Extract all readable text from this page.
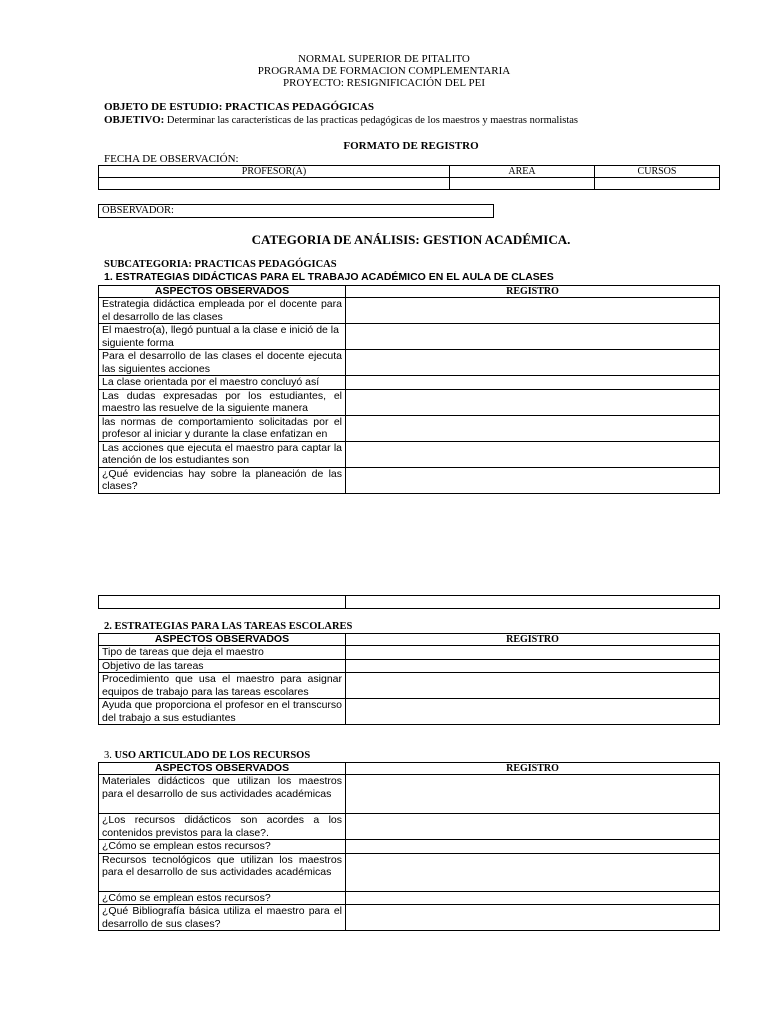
NORMAL SUPERIOR DE PITALITO
PROGRAMA DE FORMACION COMPLEMENTARIA
PROYECTO: RESIGNIFICACIÓN DEL PEI
OBJETO DE ESTUDIO: PRACTICAS PEDAGÓGICAS
OBJETIVO: Determinar las características de las practicas pedagógicas de los maestros y maestras normalistas
FORMATO DE REGISTRO
FECHA DE OBSERVACIÓN:
PROFESOR(A)	AREA	CURSOS

OBSERVADOR:
CATEGORIA DE ANÁLISIS: GESTION ACADÉMICA.
SUBCATEGORIA: PRACTICAS PEDAGÓGICAS
1. ESTRATEGIAS DIDÁCTICAS PARA EL TRABAJO ACADÉMICO EN EL AULA DE CLASES
ASPECTOS OBSERVADOS	REGISTRO
Estrategia didáctica empleada por el docente para el desarrollo de las clases	
El maestro(a), llegó puntual a la clase e inició de la siguiente forma	
Para el desarrollo de las clases el docente ejecuta las siguientes acciones	
La clase orientada por el maestro concluyó así	
Las dudas expresadas por los estudiantes, el maestro las resuelve de la siguiente manera	
las normas de comportamiento solicitadas por el profesor al iniciar y durante la clase enfatizan en	
Las acciones que ejecuta el maestro para captar la atención de los estudiantes son	
¿Qué evidencias hay sobre la planeación de las clases?	

2. ESTRATEGIAS PARA LAS TAREAS ESCOLARES
ASPECTOS OBSERVADOS	REGISTRO
Tipo de tareas que deja el maestro	
Objetivo de las tareas	
Procedimiento que usa el maestro para asignar equipos de trabajo para las tareas escolares	
Ayuda que proporciona el profesor en el transcurso del trabajo a sus estudiantes	
3. USO ARTICULADO DE LOS RECURSOS
ASPECTOS OBSERVADOS	REGISTRO
Materiales didácticos que utilizan los maestros para el desarrollo de sus actividades académicas	
¿Los recursos didácticos son acordes a los contenidos previstos para la clase?.	
¿Cómo se emplean estos recursos?	
Recursos tecnológicos que utilizan los maestros para el desarrollo de sus actividades académicas	
¿Cómo se emplean estos recursos?	
¿Qué Bibliografía básica utiliza el maestro para el desarrollo de sus clases?	
